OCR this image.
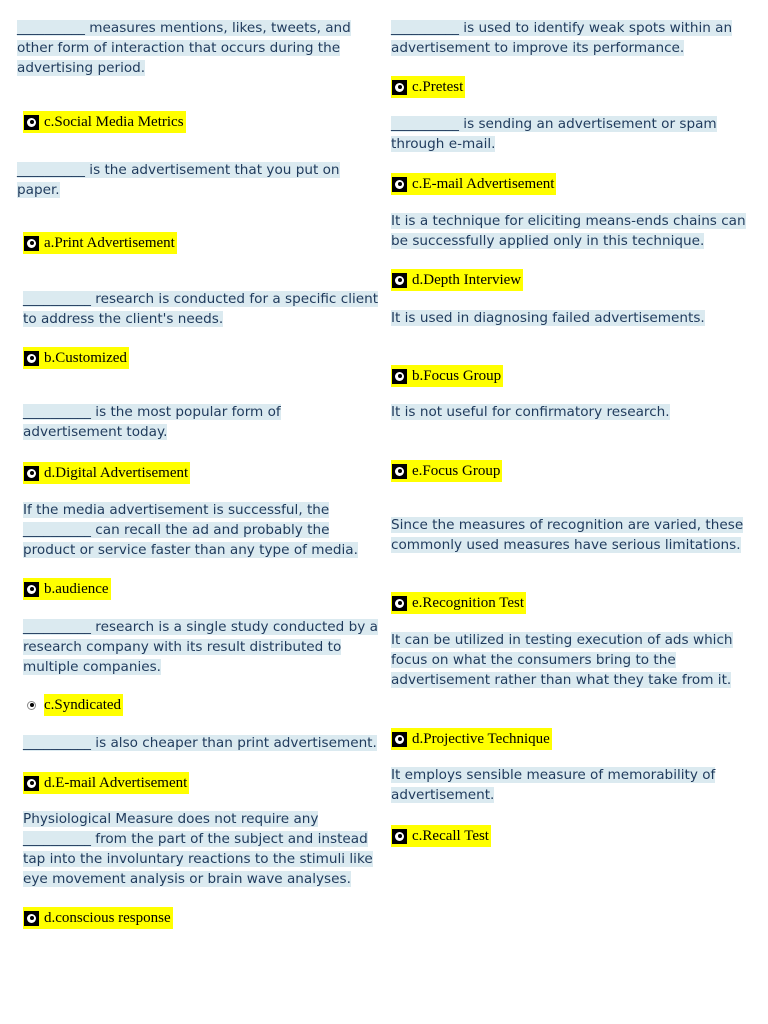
__________ measures mentions, likes, tweets, and
other form of interaction that occurs during the
advertising period.
c.Social Media Metrics
__________ is the advertisement that you put on
paper.
a.Print Advertisement
__________ research is conducted for a specific client
to address the client's needs.
b.Customized
__________ is the most popular form of
advertisement today.
d.Digital Advertisement
If the media advertisement is successful, the
__________ can recall the ad and probably the
product or service faster than any type of media.
b.audience
__________ research is a single study conducted by a
research company with its result distributed to
multiple companies.
c.Syndicated
__________ is also cheaper than print advertisement.
d.E-mail Advertisement
Physiological Measure does not require any
__________ from the part of the subject and instead
tap into the involuntary reactions to the stimuli like
eye movement analysis or brain wave analyses.
d.conscious response
__________ is used to identify weak spots within an
advertisement to improve its performance.
c.Pretest
__________ is sending an advertisement or spam
through e-mail.
c.E-mail Advertisement
It is a technique for eliciting means-ends chains can
be successfully applied only in this technique.
d.Depth Interview
It is used in diagnosing failed advertisements.
b.Focus Group
It is not useful for confirmatory research.
e.Focus Group
Since the measures of recognition are varied, these
commonly used measures have serious limitations.
e.Recognition Test
It can be utilized in testing execution of ads which
focus on what the consumers bring to the
advertisement rather than what they take from it.
d.Projective Technique
It employs sensible measure of memorability of
advertisement.
c.Recall Test
